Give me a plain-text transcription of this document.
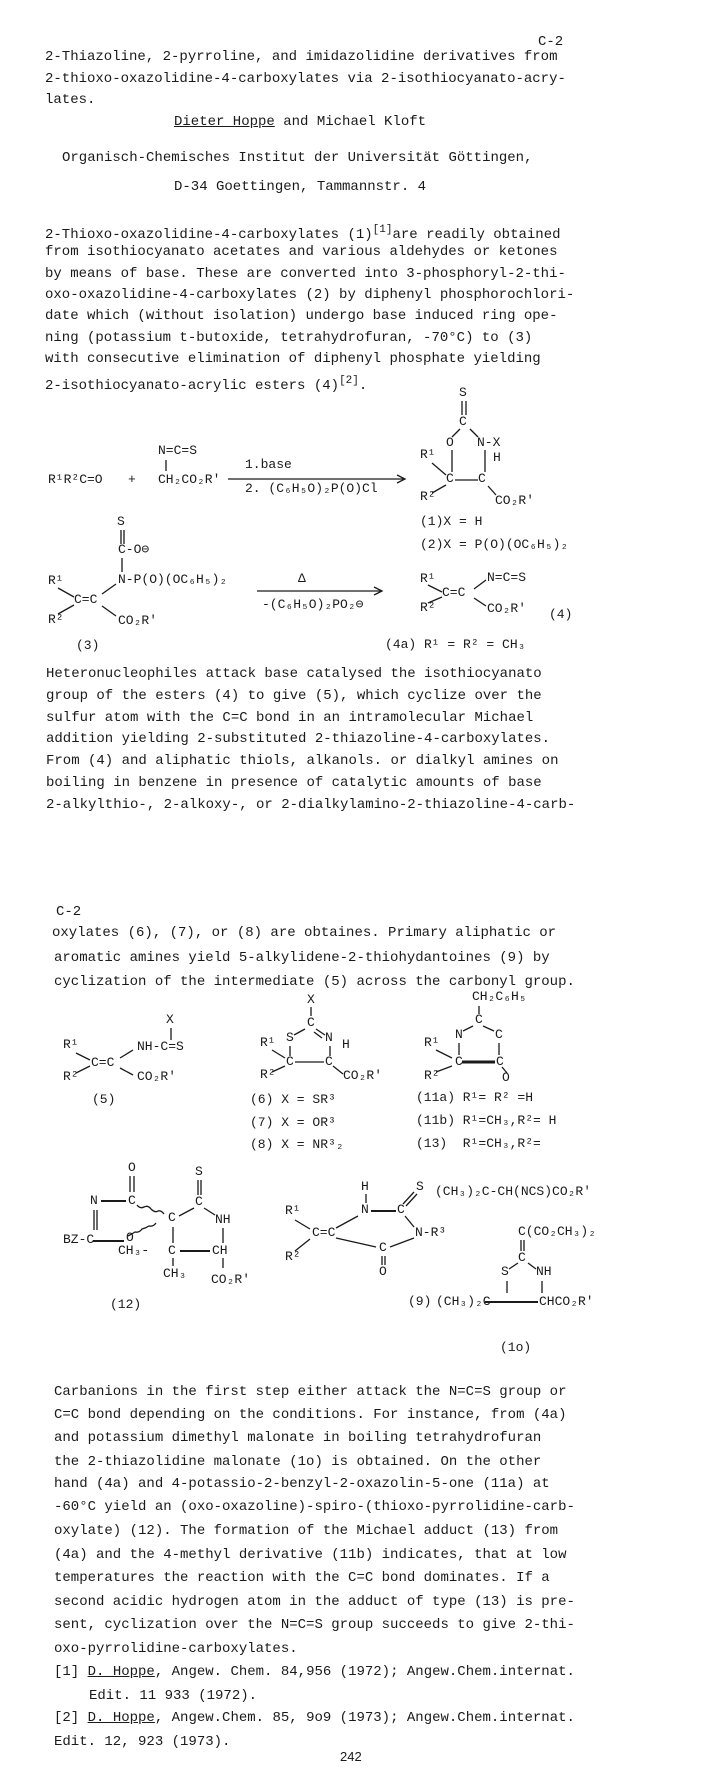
C-2
2-Thiazoline, 2-pyrroline, and imidazolidine derivatives from
2-thioxo-oxazolidine-4-carboxylates via 2-isothiocyanato-acry-
lates.
Dieter Hoppe and Michael Kloft
Organisch-Chemisches Institut der Universität Göttingen,
D-34 Goettingen, Tammannstr. 4
2-Thioxo-oxazolidine-4-carboxylates (1)[1]are readily obtained
from isothiocyanato acetates and various aldehydes or ketones
by means of base. These are converted into 3-phosphoryl-2-thi-
oxo-oxazolidine-4-carboxylates (2) by diphenyl phosphorochlori-
date which (without isolation) undergo base induced ring ope-
ning (potassium t-butoxide, tetrahydrofuran, -70°C) to (3)
with consecutive elimination of diphenyl phosphate yielding
2-isothiocyanato-acrylic esters (4)[2].
R¹R²C=O +
N=C=S
CH₂CO₂R'
1.base
2. (C₆H₅O)₂P(O)Cl
S
C
O N-X
R¹	H
C C
R²	CO₂R'
(1)X = H
(2)X = P(O)(OC₆H₅)₂
S
C-O⊖
N-P(O)(OC₆H₅)₂
R¹
C=C
R²	CO₂R'
(3)
Δ
-(C₆H₅O)₂PO₂⊖
R¹
C=C
N=C=S
R²	CO₂R' (4)
(4a) R¹ = R² = CH₃
Heteronucleophiles attack base catalysed the isothiocyanato
group of the esters (4) to give (5), which cyclize over the
sulfur atom with the C=C bond in an intramolecular Michael
addition yielding 2-substituted 2-thiazoline-4-carboxylates.
From (4) and aliphatic thiols, alkanols. or dialkyl amines on
boiling in benzene in presence of catalytic amounts of base
2-alkylthio-, 2-alkoxy-, or 2-dialkylamino-2-thiazoline-4-carb-
C-2
oxylates (6), (7), or (8) are obtaines. Primary aliphatic or
aromatic amines yield 5-alkylidene-2-thiohydantoines (9) by
cyclization of the intermediate (5) across the carbonyl group.
X
R¹	NH-C=S
C=C
R²	CO₂R'
(5)
X
C
S N
R¹	H
C C
R²	CO₂R'
(6) X = SR³
(7) X = OR³
(8) X = NR³₂
CH₂C₆H₅
C
N C
R¹
C	C
O
R²
(11a) R¹= R² =H
(11b) R¹=CH₃,R²= H
(13)  R¹=CH₃,R²=
O	S
N C	C
C	NH
BZ-C O
CH₃- C	CH
CH₃ CO₂R'
(12)
H
N C
S
R¹
C=C	N-R³
R²
C
O
(9)
(CH₃)₂C-CH(NCS)CO₂R'
C(CO₂CH₃)₂
C
S NH
(CH₃)₂C	CHCO₂R'
(1o)
Carbanions in the first step either attack the N=C=S group or
C=C bond depending on the conditions. For instance, from (4a)
and potassium dimethyl malonate in boiling tetrahydrofuran
the 2-thiazolidine malonate (1o) is obtained. On the other
hand (4a) and 4-potassio-2-benzyl-2-oxazolin-5-one (11a) at
-60°C yield an (oxo-oxazoline)-spiro-(thioxo-pyrrolidine-carb-
oxylate) (12). The formation of the Michael adduct (13) from
(4a) and the 4-methyl derivative (11b) indicates, that at low
temperatures the reaction with the C=C bond dominates. If a
second acidic hydrogen atom in the adduct of type (13) is pre-
sent, cyclization over the N=C=S group succeeds to give 2-thi-
oxo-pyrrolidine-carboxylates.
[1] D. Hoppe, Angew. Chem. 84,956 (1972); Angew.Chem.internat.
Edit. 11 933 (1972).
[2] D. Hoppe, Angew.Chem. 85, 9o9 (1973); Angew.Chem.internat.
Edit. 12, 923 (1973).
242
